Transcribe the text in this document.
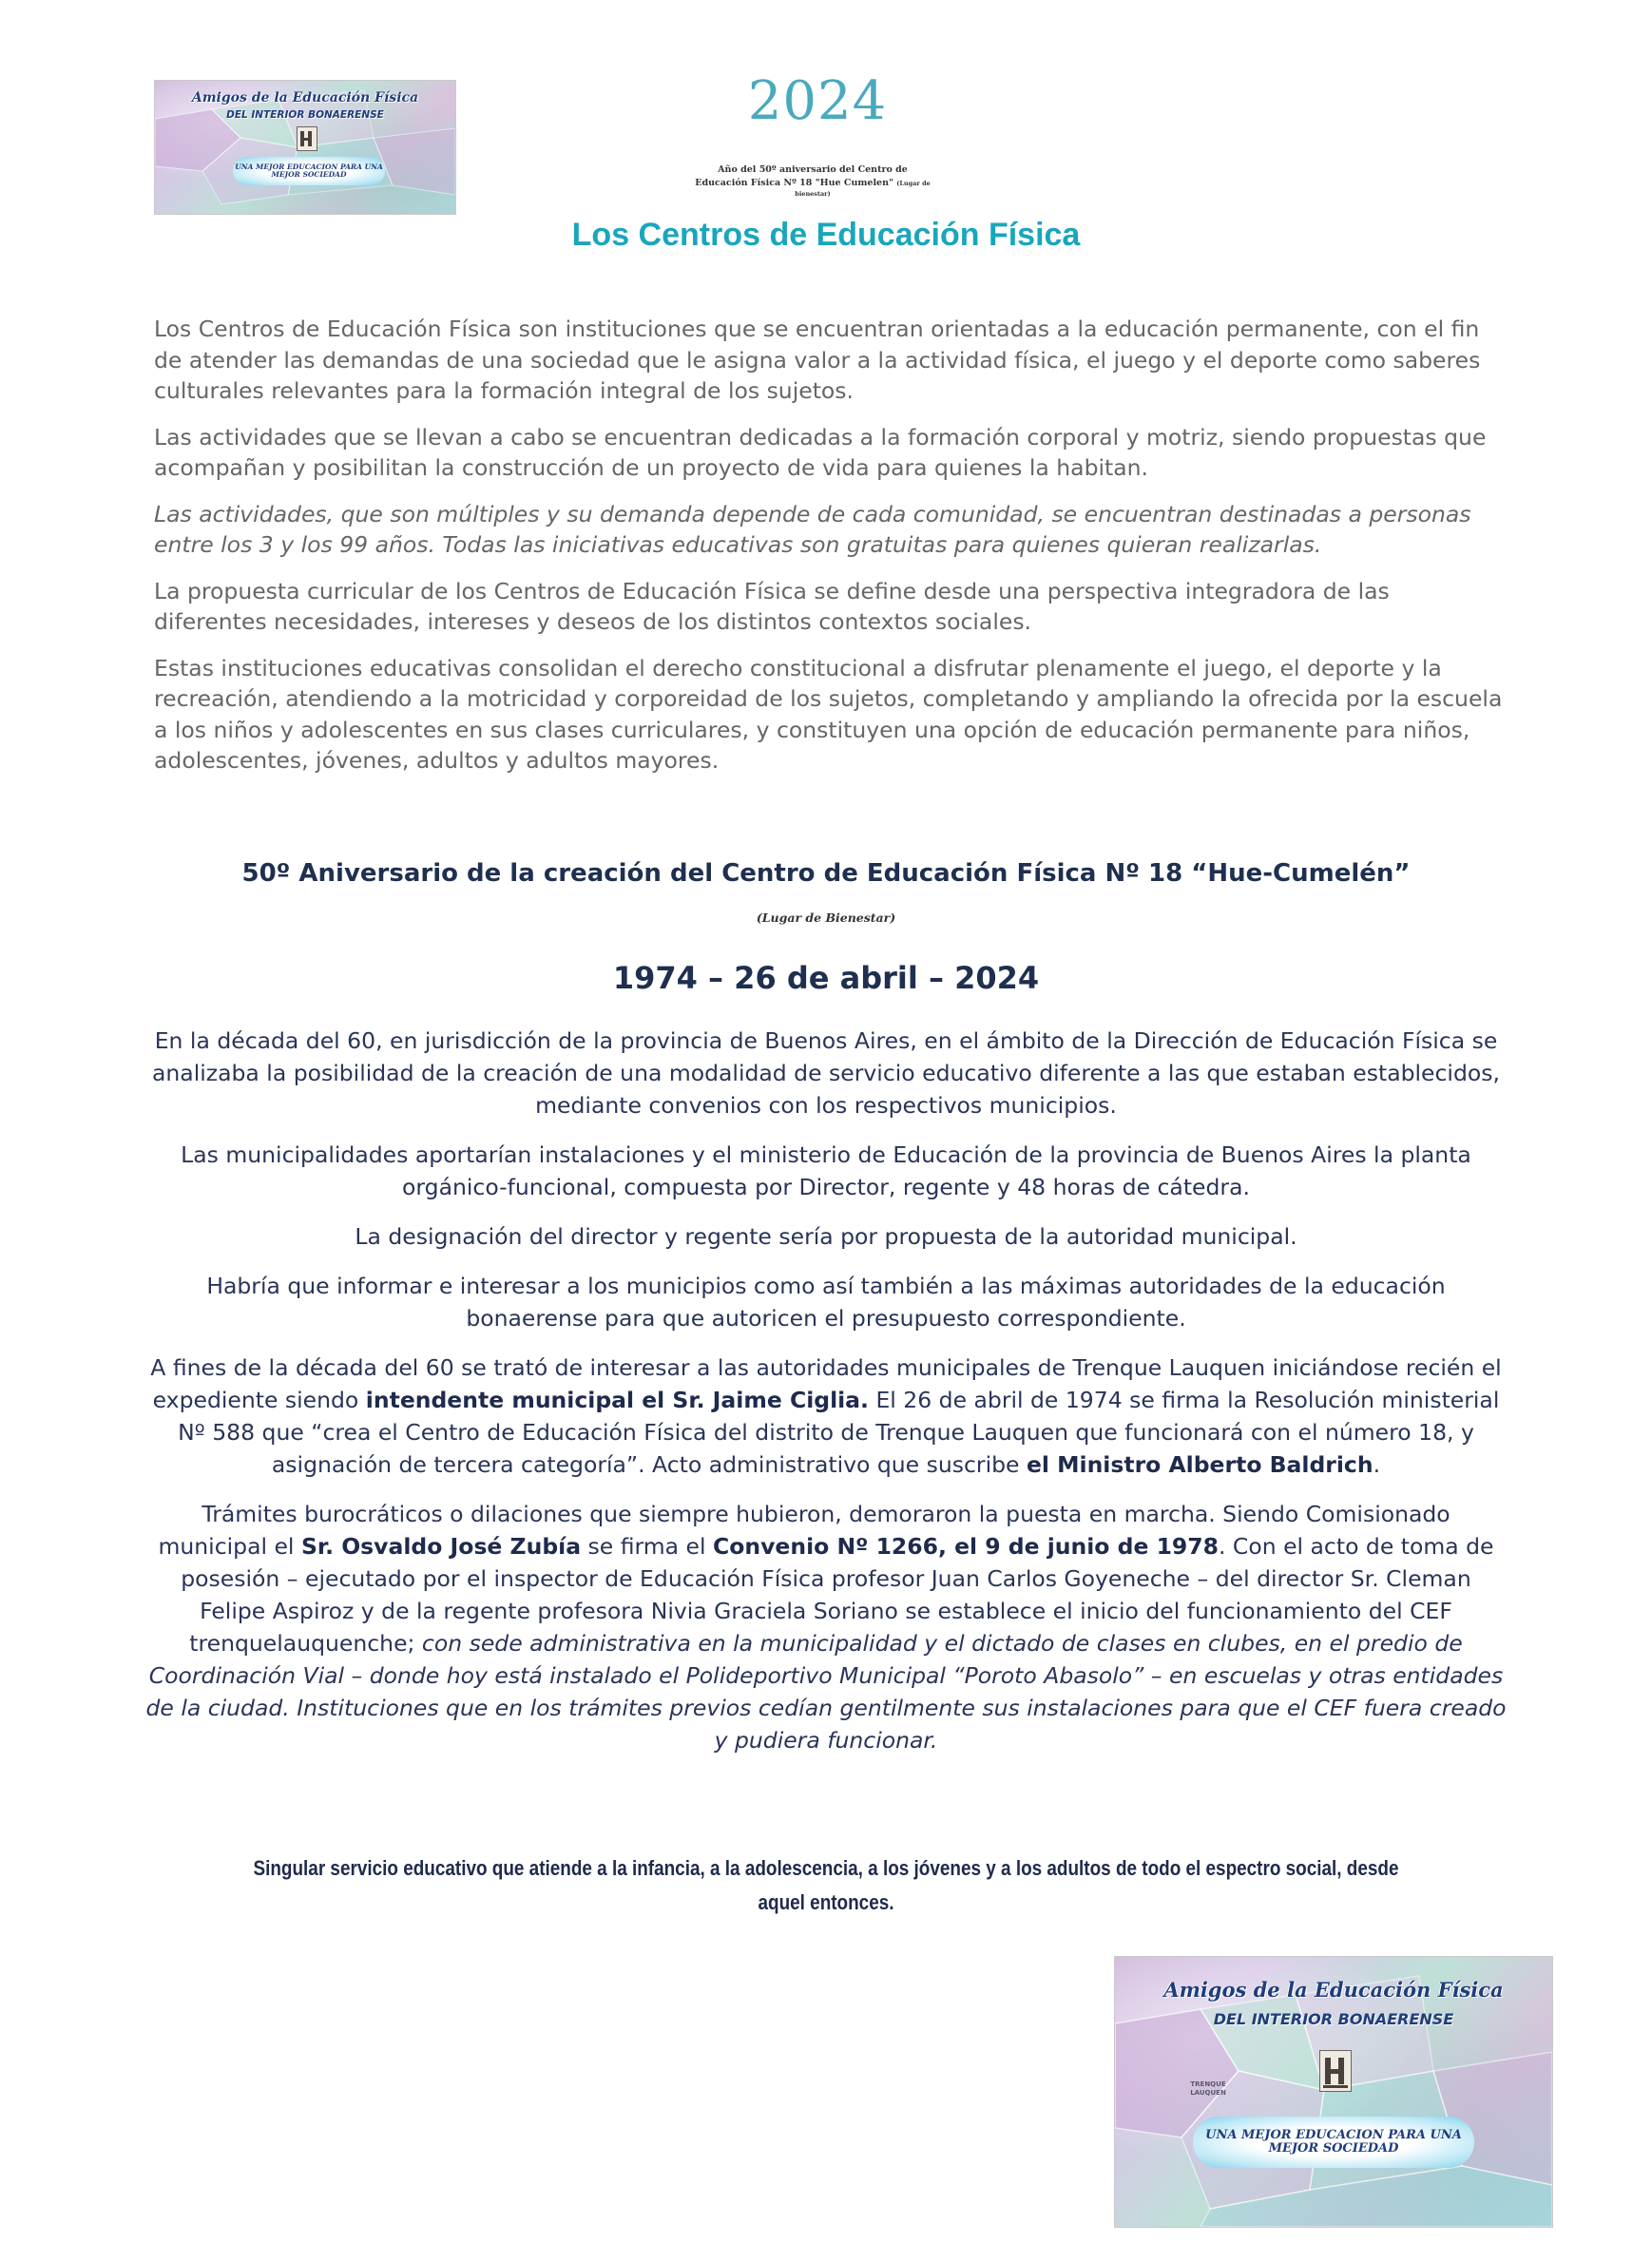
Amigos de la Educación Física
DEL INTERIOR BONAERENSE
UNA MEJOR EDUCACION PARA UNA
MEJOR SOCIEDAD
2024
Año del 50º aniversario del Centro de
Educación Física Nº 18 "Hue Cumelen" (Lugar de
bienestar)
Los Centros de Educación Física

Los Centros de Educación Física son instituciones que se encuentran orientadas a la educación permanente, con el fin de atender las demandas de una sociedad que le asigna valor a la actividad física, el juego y el deporte como saberes culturales relevantes para la formación integral de los sujetos.

Las actividades que se llevan a cabo se encuentran dedicadas a la formación corporal y motriz, siendo propuestas que acompañan y posibilitan la construcción de un proyecto de vida para quienes la habitan.

Las actividades, que son múltiples y su demanda depende de cada comunidad, se encuentran destinadas a personas entre los 3 y los 99 años. Todas las iniciativas educativas son gratuitas para quienes quieran realizarlas.

La propuesta curricular de los Centros de Educación Física se define desde una perspectiva integradora de las diferentes necesidades, intereses y deseos de los distintos contextos sociales.

Estas instituciones educativas consolidan el derecho constitucional a disfrutar plenamente el juego, el deporte y la recreación, atendiendo a la motricidad y corporeidad de los sujetos, completando y ampliando la ofrecida por la escuela a los niños y adolescentes en sus clases curriculares, y constituyen una opción de educación permanente para niños, adolescentes, jóvenes, adultos y adultos mayores.

50º Aniversario de la creación del Centro de Educación Física Nº 18 “Hue-Cumelén”
(Lugar de Bienestar)
1974 – 26 de abril – 2024

En la década del 60, en jurisdicción de la provincia de Buenos Aires, en el ámbito de la Dirección de Educación Física se analizaba la posibilidad de la creación de una modalidad de servicio educativo diferente a las que estaban establecidos, mediante convenios con los respectivos municipios.

Las municipalidades aportarían instalaciones y el ministerio de Educación de la provincia de Buenos Aires la planta orgánico-funcional, compuesta por Director, regente y 48 horas de cátedra.

La designación del director y regente sería por propuesta de la autoridad municipal.

Habría que informar e interesar a los municipios como así también a las máximas autoridades de la educación bonaerense para que autoricen el presupuesto correspondiente.

A fines de la década del 60 se trató de interesar a las autoridades municipales de Trenque Lauquen iniciándose recién el expediente siendo intendente municipal el Sr. Jaime Ciglia. El 26 de abril de 1974 se firma la Resolución ministerial Nº 588 que “crea el Centro de Educación Física del distrito de Trenque Lauquen que funcionará con el número 18, y asignación de tercera categoría”. Acto administrativo que suscribe el Ministro Alberto Baldrich.

Trámites burocráticos o dilaciones que siempre hubieron, demoraron la puesta en marcha. Siendo Comisionado municipal el Sr. Osvaldo José Zubía se firma el Convenio Nº 1266, el 9 de junio de 1978. Con el acto de toma de posesión – ejecutado por el inspector de Educación Física profesor Juan Carlos Goyeneche – del director Sr. Cleman Felipe Aspiroz y de la regente profesora Nivia Graciela Soriano se establece el inicio del funcionamiento del CEF trenquelauquenche; con sede administrativa en la municipalidad y el dictado de clases en clubes, en el predio de Coordinación Vial – donde hoy está instalado el Polideportivo Municipal “Poroto Abasolo” – en escuelas y otras entidades de la ciudad. Instituciones que en los trámites previos cedían gentilmente sus instalaciones para que el CEF fuera creado y pudiera funcionar.

Singular servicio educativo que atiende a la infancia, a la adolescencia, a los jóvenes y a los adultos de todo el espectro social, desde aquel entonces.
Amigos de la Educación Física
DEL INTERIOR BONAERENSE
TRENQUE LAUQUEN
UNA MEJOR EDUCACION PARA UNA
MEJOR SOCIEDAD
